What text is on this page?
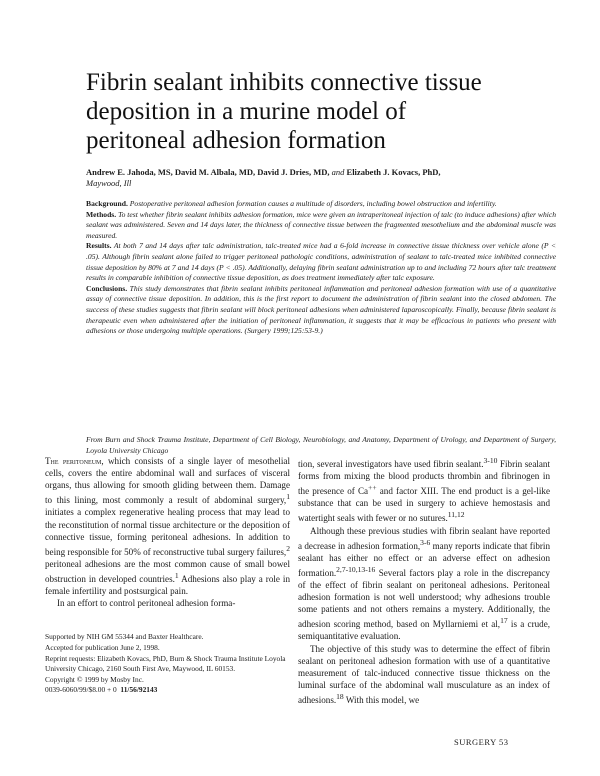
Fibrin sealant inhibits connective tissue
deposition in a murine model of
peritoneal adhesion formation
Andrew E. Jahoda, MS, David M. Albala, MD, David J. Dries, MD, and Elizabeth J. Kovacs, PhD,
Maywood, Ill

Background. Postoperative peritoneal adhesion formation causes a multitude of disorders, including bowel obstruction and infertility.

Methods. To test whether fibrin sealant inhibits adhesion formation, mice were given an intraperitoneal injection of talc (to induce adhesions) after which sealant was administered. Seven and 14 days later, the thickness of connective tissue between the fragmented mesothelium and the abdominal muscle was measured.

Results. At both 7 and 14 days after talc administration, talc-treated mice had a 6-fold increase in connective tissue thickness over vehicle alone (P < .05). Although fibrin sealant alone failed to trigger peritoneal pathologic conditions, administration of sealant to talc-treated mice inhibited connective tissue deposition by 80% at 7 and 14 days (P < .05). Additionally, delaying fibrin sealant administration up to and including 72 hours after talc treatment results in comparable inhibition of connective tissue deposition, as does treatment immediately after talc exposure.

Conclusions. This study demonstrates that fibrin sealant inhibits peritoneal inflammation and peritoneal adhesion formation with use of a quantitative assay of connective tissue deposition. In addition, this is the first report to document the administration of fibrin sealant into the closed abdomen. The success of these studies suggests that fibrin sealant will block peritoneal adhesions when administered laparoscopically. Finally, because fibrin sealant is therapeutic even when administered after the initiation of peritoneal inflammation, it suggests that it may be efficacious in patients who present with adhesions or those undergoing multiple operations. (Surgery 1999;125:53-9.)

From Burn and Shock Trauma Institute, Department of Cell Biology, Neurobiology, and Anatomy, Department of Urology, and Department of Surgery, Loyola University Chicago

The peritoneum, which consists of a single layer of mesothelial cells, covers the entire abdominal wall and surfaces of visceral organs, thus allowing for smooth gliding between them. Damage to this lining, most commonly a result of abdominal surgery,$^1$ initiates a complex regenerative healing process that may lead to the reconstitution of normal tissue architecture or the deposition of connective tissue, forming peritoneal adhesions. In addition to being responsible for 50% of reconstructive tubal surgery failures,$^2$ peritoneal adhesions are the most common cause of small bowel obstruction in developed countries.$^1$ Adhesions also play a role in female infertility and postsurgical pain.

In an effort to control peritoneal adhesion forma-

Supported by NIH GM 55344 and Baxter Healthcare.
Accepted for publication June 2, 1998.
Reprint requests: Elizabeth Kovacs, PhD, Burn & Shock Trauma Institute Loyola University Chicago, 2160 South First Ave, Maywood, IL 60153.
Copyright © 1999 by Mosby Inc.
0039-6060/99/$8.00 + 0 11/56/92143

tion, several investigators have used fibrin sealant.$^{3-10}$ Fibrin sealant forms from mixing the blood products thrombin and fibrinogen in the presence of Ca++ and factor XIII. The end product is a gel-like substance that can be used in surgery to achieve hemostasis and watertight seals with fewer or no sutures.$^{11,12}$

Although these previous studies with fibrin sealant have reported a decrease in adhesion formation,$^{3-6}$ many reports indicate that fibrin sealant has either no effect or an adverse effect on adhesion formation.$^{2,7-10,13-16}$ Several factors play a role in the discrepancy of the effect of fibrin sealant on peritoneal adhesions. Peritoneal adhesion formation is not well understood; why adhesions trouble some patients and not others remains a mystery. Additionally, the adhesion scoring method, based on Myllarniemi et al,$^{17}$ is a crude, semiquantitative evaluation.

The objective of this study was to determine the effect of fibrin sealant on peritoneal adhesion formation with use of a quantitative measurement of talc-induced connective tissue thickness on the luminal surface of the abdominal wall musculature as an index of adhesions.$^{18}$ With this model, we

SURGERY 53
